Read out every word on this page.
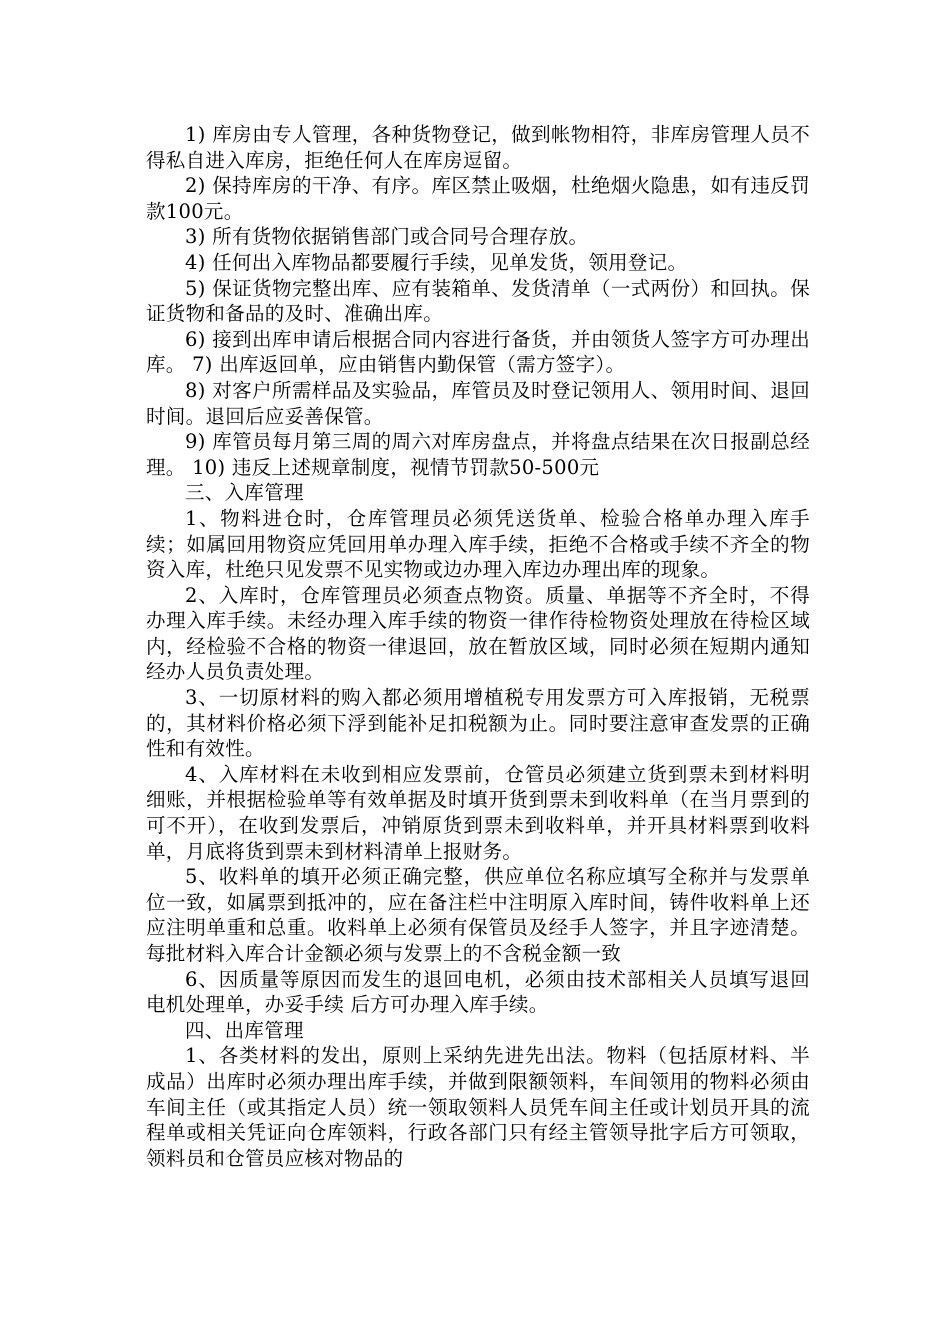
1) 库房由专人管理，各种货物登记，做到帐物相符，非库房管理人员不得私自进入库房，拒绝任何人在库房逗留。

2) 保持库房的干净、有序。库区禁止吸烟，杜绝烟火隐患，如有违反罚款100元。

3) 所有货物依据销售部门或合同号合理存放。

4) 任何出入库物品都要履行手续，见单发货，领用登记。

5) 保证货物完整出库、应有装箱单、发货清单（一式两份）和回执。保证货物和备品的及时、准确出库。

6) 接到出库申请后根据合同内容进行备货，并由领货人签字方可办理出库。 7) 出库返回单，应由销售内勤保管（需方签字）。

8) 对客户所需样品及实验品，库管员及时登记领用人、领用时间、退回时间。退回后应妥善保管。

9) 库管员每月第三周的周六对库房盘点，并将盘点结果在次日报副总经理。 10) 违反上述规章制度，视情节罚款50-500元

三、入库管理

1、物料进仓时，仓库管理员必须凭送货单、检验合格单办理入库手续；如属回用物资应凭回用单办理入库手续，拒绝不合格或手续不齐全的物资入库，杜绝只见发票不见实物或边办理入库边办理出库的现象。

2、入库时，仓库管理员必须查点物资。质量、单据等不齐全时，不得办理入库手续。未经办理入库手续的物资一律作待检物资处理放在待检区域内，经检验不合格的物资一律退回，放在暂放区域，同时必须在短期内通知经办人员负责处理。

3、一切原材料的购入都必须用增植税专用发票方可入库报销，无税票的，其材料价格必须下浮到能补足扣税额为止。同时要注意审查发票的正确性和有效性。

4、入库材料在未收到相应发票前，仓管员必须建立货到票未到材料明细账，并根据检验单等有效单据及时填开货到票未到收料单（在当月票到的可不开），在收到发票后，冲销原货到票未到收料单，并开具材料票到收料单，月底将货到票未到材料清单上报财务。

5、收料单的填开必须正确完整，供应单位名称应填写全称并与发票单位一致，如属票到抵冲的，应在备注栏中注明原入库时间，铸件收料单上还应注明单重和总重。收料单上必须有保管员及经手人签字，并且字迹清楚。每批材料入库合计金额必须与发票上的不含税金额一致

6、因质量等原因而发生的退回电机，必须由技术部相关人员填写退回电机处理单，办妥手续 后方可办理入库手续。

四、出库管理

1、各类材料的发出，原则上采纳先进先出法。物料（包括原材料、半成品）出库时必须办理出库手续，并做到限额领料，车间领用的物料必须由车间主任（或其指定人员）统一领取领料人员凭车间主任或计划员开具的流程单或相关凭证向仓库领料，行政各部门只有经主管领导批字后方可领取，领料员和仓管员应核对物品的
